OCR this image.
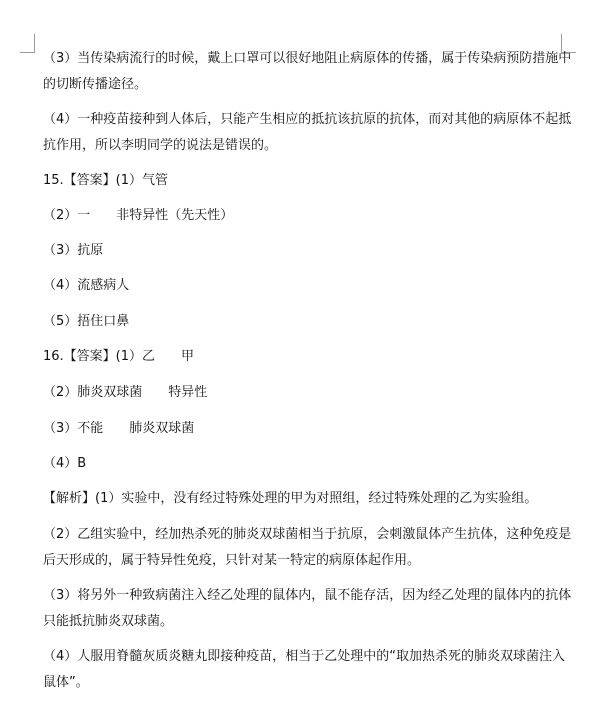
（3）当传染病流行的时候，戴上口罩可以很好地阻止病原体的传播，属于传染病预防措施中
的切断传播途径。
（4）一种疫苗接种到人体后，只能产生相应的抵抗该抗原的抗体，而对其他的病原体不起抵
抗作用，所以李明同学的说法是错误的。
15.【答案】(1）气管
（2）一　　非特异性（先天性）
（3）抗原
（4）流感病人
（5）捂住口鼻
16.【答案】(1）乙　　甲
（2）肺炎双球菌　　特异性
（3）不能　　肺炎双球菌
（4）B
【解析】(1）实验中，没有经过特殊处理的甲为对照组，经过特殊处理的乙为实验组。
（2）乙组实验中，经加热杀死的肺炎双球菌相当于抗原，会刺激鼠体产生抗体，这种免疫是
后天形成的，属于特异性免疫，只针对某一特定的病原体起作用。
（3）将另外一种致病菌注入经乙处理的鼠体内，鼠不能存活，因为经乙处理的鼠体内的抗体
只能抵抗肺炎双球菌。
（4）人服用脊髓灰质炎糖丸即接种疫苗，相当于乙处理中的“取加热杀死的肺炎双球菌注入
鼠体”。
